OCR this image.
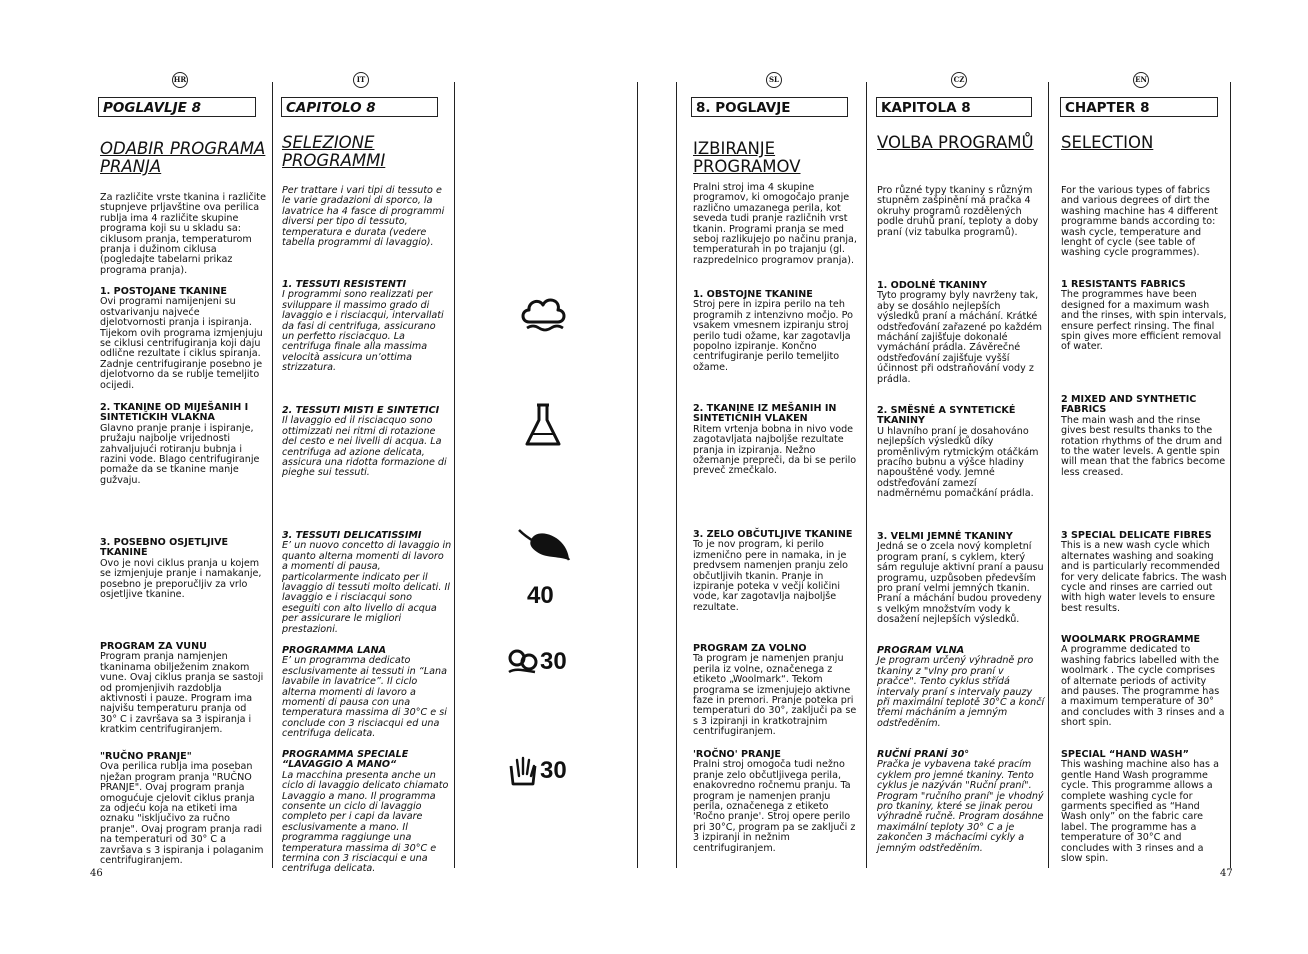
HR
POGLAVLJE 8
ODABIR PROGRAMA PRANJA
Za različite vrste tkanina i različite stupnjeve prljavštine ova perilica rublja ima 4 različite skupine programa koji su u skladu sa: ciklusom pranja, temperaturom pranja i dužinom ciklusa (pogledajte tabelarni prikaz programa pranja).
1. POSTOJANE TKANINE
Ovi programi namijenjeni su ostvarivanju najveće djelotvornosti pranja i ispiranja. Tijekom ovih programa izmjenjuju se ciklusi centrifugiranja koji daju odlične rezultate i ciklus spiranja. Zadnje centrifugiranje posebno je djelotvorno da se rublje temeljito ocijedi.
2. TKANINE OD MIJEŠANIH I SINTETIČKIH VLAKNA
Glavno pranje pranje i ispiranje, pružaju najbolje vrijednosti zahvaljujući rotiranju bubnja i razini vode. Blago centrifugiranje pomaže da se tkanine manje gužvaju.
3. POSEBNO OSJETLJIVE TKANINE
Ovo je novi ciklus pranja u kojem se izmjenjuje pranje i namakanje, posebno je preporučljiv za vrlo osjetljive tkanine.
PROGRAM ZA VUNU
Program pranja namjenjen tkaninama obilježenim znakom vune. Ovaj ciklus pranja se sastoji od promjenjivih razdoblja aktivnosti i pauze. Program ima najvišu temperaturu pranja od 30° C i završava sa 3 ispiranja i kratkim centrifugiranjem.
"RUČNO PRANJE"
Ova perilica rublja ima poseban nježan program pranja "RUČNO PRANJE". Ovaj program pranja omogućuje cjelovit ciklus pranja za odjeću koja na etiketi ima oznaku "isključivo za ručno pranje". Ovaj program pranja radi na temperaturi od 30° C a završava s 3 ispiranja i polaganim centrifugiranjem.
46
IT
CAPITOLO 8
SELEZIONE PROGRAMMI
Per trattare i vari tipi di tessuto e le varie gradazioni di sporco, la lavatrice ha 4 fasce di programmi diversi per tipo di tessuto, temperatura e durata (vedere tabella programmi di lavaggio).
1. TESSUTI RESISTENTI
I programmi sono realizzati per sviluppare il massimo grado di lavaggio e i risciacqui, intervallati da fasi di centrifuga, assicurano un perfetto risciacquo. La centrifuga finale alla massima velocità assicura un’ottima strizzatura.
2. TESSUTI MISTI E SINTETICI
Il lavaggio ed il risciacquo sono ottimizzati nei ritmi di rotazione del cesto e nei livelli di acqua. La centrifuga ad azione delicata, assicura una ridotta formazione di pieghe sui tessuti.
3. TESSUTI DELICATISSIMI
E’ un nuovo concetto di lavaggio in quanto alterna momenti di lavoro a momenti di pausa, particolarmente indicato per il lavaggio di tessuti molto delicati. Il lavaggio e i risciacqui sono eseguiti con alto livello di acqua per assicurare le migliori prestazioni.
PROGRAMMA LANA
E’ un programma dedicato esclusivamente ai tessuti in “Lana lavabile in lavatrice”. Il ciclo alterna momenti di lavoro a momenti di pausa con una temperatura massima di 30°C e si conclude con 3 risciacqui ed una centrifuga delicata.
PROGRAMMA SPECIALE “LAVAGGIO A MANO“
La macchina presenta anche un ciclo di lavaggio delicato chiamato Lavaggio a mano. Il programma consente un ciclo di lavaggio completo per i capi da lavare esclusivamente a mano. Il programma raggiunge una temperatura massima di 30°C e termina con 3 risciacqui e una centrifuga delicata.
40
30
30
SL
8. POGLAVJE
IZBIRANJE PROGRAMOV
Pralni stroj ima 4 skupine programov, ki omogočajo pranje različno umazanega perila, kot seveda tudi pranje različnih vrst tkanin. Programi pranja se med seboj razlikujejo po načinu pranja, temperaturah in po trajanju (gl. razpredelnico programov pranja).
1. OBSTOJNE TKANINE
Stroj pere in izpira perilo na teh programih z intenzivno močjo. Po vsakem vmesnem izpiranju stroj perilo tudi ožame, kar zagotavlja popolno izpiranje. Končno centrifugiranje perilo temeljito ožame.
2. TKANINE IZ MEŠANIH IN SINTETIČNIH VLAKEN
Ritem vrtenja bobna in nivo vode zagotavljata najboljše rezultate pranja in izpiranja. Nežno ožemanje prepreči, da bi se perilo preveč zmečkalo.
3. ZELO OBČUTLJIVE TKANINE
To je nov program, ki perilo izmenično pere in namaka, in je predvsem namenjen pranju zelo občutljivih tkanin. Pranje in izpiranje poteka v večji količini vode, kar zagotavlja najboljše rezultate.
PROGRAM ZA VOLNO
Ta program je namenjen pranju perila iz volne, označenega z etiketo „Woolmark“. Tekom programa se izmenjujejo aktivne faze in premori. Pranje poteka pri temperaturi do 30°, zaključi pa se s 3 izpiranji in kratkotrajnim centrifugiranjem.
'ROČNO' PRANJE
Pralni stroj omogoča tudi nežno pranje zelo občutljivega perila, enakovredno ročnemu pranju. Ta program je namenjen pranju perila, označenega z etiketo 'Ročno pranje'. Stroj opere perilo pri 30°C, program pa se zaključi z 3 izpiranji in nežnim centrifugiranjem.
CZ
KAPITOLA 8
VOLBA PROGRAMŮ
Pro různé typy tkaniny s různým stupněm zašpinění má pračka 4 okruhy programů rozdělených podle druhů praní, teploty a doby praní (viz tabulka programů).
1. ODOLNÉ TKANINY
Tyto programy byly navrženy tak, aby se dosáhlo nejlepších výsledků praní a máchání. Krátké odstřeďování zařazené po každém máchání zajišťuje dokonalé vymáchání prádla. Závěrečné odstřeďování zajišťuje vyšší účinnost při odstraňování vody z prádla.
2. SMĚSNÉ A SYNTETICKÉ TKANINY
U hlavního praní je dosahováno nejlepších výsledků díky proměnlivým rytmickým otáčkám pracího bubnu a výšce hladiny napouštěné vody. Jemné odstřeďování zamezí nadměrnému pomačkání prádla.
3. VELMI JEMNÉ TKANINY
Jedná se o zcela nový kompletní program praní, s cyklem, který sám reguluje aktivní praní a pausu programu, uzpůsoben především pro praní velmi jemných tkanin. Praní a máchání budou provedeny s velkým množstvím vody k dosažení nejlepších výsledků.
PROGRAM VLNA
Je program určený výhradně pro tkaniny z "vlny pro praní v pračce". Tento cyklus střídá intervaly praní s intervaly pauzy při maximální teplotě 30°C a končí třemi mácháním a jemným odstředěním.
RUČNÍ PRANÍ 30°
Pračka je vybavena také pracím cyklem pro jemné tkaniny. Tento cyklus je nazýván "Ruční praní". Program "ručního praní" je vhodný pro tkaniny, které se jinak perou výhradně ručně. Program dosáhne maximální teploty 30° C a je zakončen 3 máchacími cykly a jemným odstředěním.
EN
CHAPTER 8
SELECTION
For the various types of fabrics and various degrees of dirt the washing machine has 4 different programme bands according to: wash cycle, temperature and lenght of cycle (see table of washing cycle programmes).
1 RESISTANTS FABRICS
The programmes have been designed for a maximum wash and the rinses, with spin intervals, ensure perfect rinsing. The final spin gives more efficient removal of water.
2 MIXED AND SYNTHETIC FABRICS
The main wash and the rinse gives best results thanks to the rotation rhythms of the drum and to the water levels. A gentle spin will mean that the fabrics become less creased.
3 SPECIAL DELICATE FIBRES
This is a new wash cycle which alternates washing and soaking and is particularly recommended for very delicate fabrics. The wash cycle and rinses are carried out with high water levels to ensure best results.
WOOLMARK PROGRAMME
A programme dedicated to washing fabrics labelled with the woolmark . The cycle comprises of alternate periods of activity and pauses. The programme has a maximum temperature of 30° and concludes with 3 rinses and a short spin.
SPECIAL “HAND WASH”
This washing machine also has a gentle Hand Wash programme cycle. This programme allows a complete washing cycle for garments specified as “Hand Wash only” on the fabric care label. The programme has a temperature of 30°C and concludes with 3 rinses and a slow spin.
47
